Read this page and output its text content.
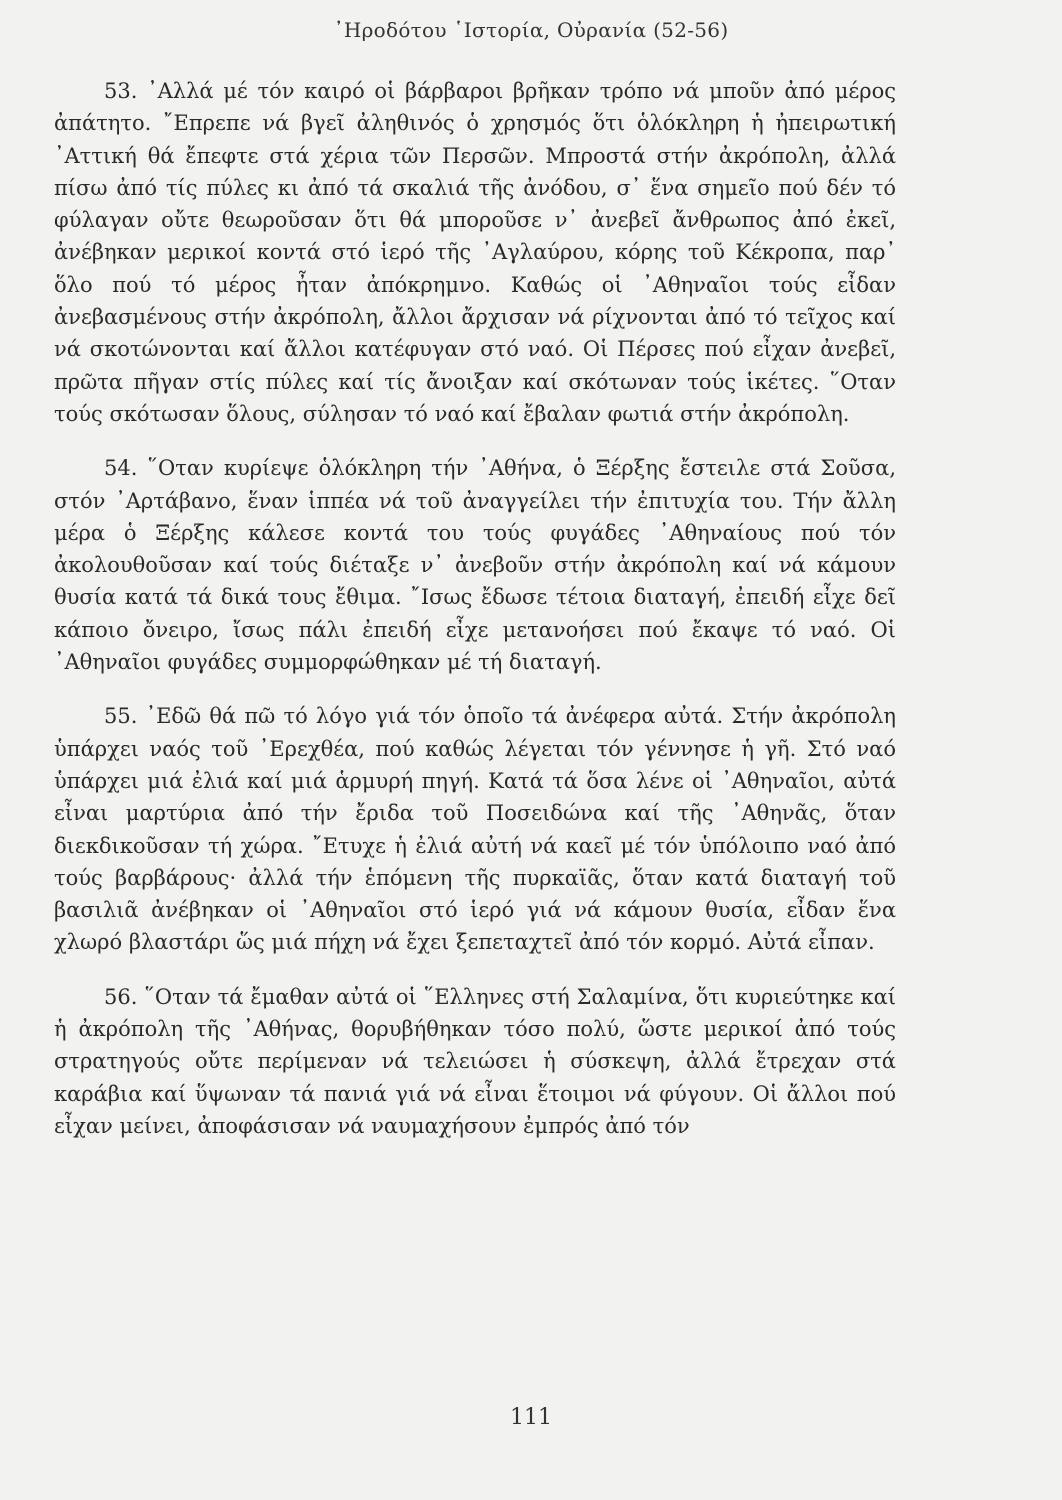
᾿Ηροδότου ῾Ιστορία, Οὐρανία (52-56)

53. ᾿Αλλά μέ τόν καιρό οἱ βάρβαροι βρῆκαν τρόπο νά μποῦν ἀπό μέρος ἀπάτητο. ῎Επρεπε νά βγεῖ ἀληθινός ὁ χρησμός ὅτι ὁλόκληρη ἡ ἠπειρωτική ᾿Αττική θά ἔπεφτε στά χέρια τῶν Περσῶν. Μπροστά στήν ἀκρόπολη, ἀλλά πίσω ἀπό τίς πύλες κι ἀπό τά σκαλιά τῆς ἀνόδου, σ᾿ ἕνα σημεῖο πού δέν τό φύλαγαν οὔτε θεωροῦσαν ὅτι θά μποροῦσε ν᾿ ἀνεβεῖ ἄνθρωπος ἀπό ἐκεῖ, ἀνέβηκαν μερικοί κοντά στό ἱερό τῆς ᾿Αγλαύρου, κόρης τοῦ Κέκροπα, παρ᾿ ὅλο πού τό μέρος ἦταν ἀπόκρημνο. Καθώς οἱ ᾿Αθηναῖοι τούς εἶδαν ἀνεβασμένους στήν ἀκρόπολη, ἄλλοι ἄρχισαν νά ρίχνονται ἀπό τό τεῖχος καί νά σκοτώνονται καί ἄλλοι κατέφυγαν στό ναό. Οἱ Πέρσες πού εἶχαν ἀνεβεῖ, πρῶτα πῆγαν στίς πύλες καί τίς ἄνοιξαν καί σκότωναν τούς ἱκέτες. ῞Οταν τούς σκότωσαν ὅλους, σύλησαν τό ναό καί ἔβαλαν φωτιά στήν ἀκρόπολη.

54. ῞Οταν κυρίεψε ὁλόκληρη τήν ᾿Αθήνα, ὁ Ξέρξης ἔστειλε στά Σοῦσα, στόν ᾿Αρτάβανο, ἕναν ἱππέα νά τοῦ ἀναγγείλει τήν ἐπιτυχία του. Τήν ἄλλη μέρα ὁ Ξέρξης κάλεσε κοντά του τούς φυγάδες ᾿Αθηναίους πού τόν ἀκολουθοῦσαν καί τούς διέταξε ν᾿ ἀνεβοῦν στήν ἀκρόπολη καί νά κάμουν θυσία κατά τά δικά τους ἔθιμα. ῎Ισως ἔδωσε τέτοια διαταγή, ἐπειδή εἶχε δεῖ κάποιο ὄνειρο, ἴσως πάλι ἐπειδή εἶχε μετανοήσει πού ἔκαψε τό ναό. Οἱ ᾿Αθηναῖοι φυγάδες συμμορφώθηκαν μέ τή διαταγή.

55. ᾿Εδῶ θά πῶ τό λόγο γιά τόν ὁποῖο τά ἀνέφερα αὐτά. Στήν ἀκρόπολη ὑπάρχει ναός τοῦ ᾿Ερεχθέα, πού καθώς λέγεται τόν γέννησε ἡ γῆ. Στό ναό ὑπάρχει μιά ἐλιά καί μιά ἁρμυρή πηγή. Κατά τά ὅσα λένε οἱ ᾿Αθηναῖοι, αὐτά εἶναι μαρτύρια ἀπό τήν ἔριδα τοῦ Ποσειδώνα καί τῆς ᾿Αθηνᾶς, ὅταν διεκδικοῦσαν τή χώρα. ῎Ετυχε ἡ ἐλιά αὐτή νά καεῖ μέ τόν ὑπόλοιπο ναό ἀπό τούς βαρβάρους· ἀλλά τήν ἑπόμενη τῆς πυρκαϊᾶς, ὅταν κατά διαταγή τοῦ βασιλιᾶ ἀνέβηκαν οἱ ᾿Αθηναῖοι στό ἱερό γιά νά κάμουν θυσία, εἶδαν ἕνα χλωρό βλαστάρι ὥς μιά πήχη νά ἔχει ξεπεταχτεῖ ἀπό τόν κορμό. Αὐτά εἶπαν.

56. ῞Οταν τά ἔμαθαν αὐτά οἱ ῞Ελληνες στή Σαλαμίνα, ὅτι κυριεύτηκε καί ἡ ἀκρόπολη τῆς ᾿Αθήνας, θορυβήθηκαν τόσο πολύ, ὥστε μερικοί ἀπό τούς στρατηγούς οὔτε περίμεναν νά τελειώσει ἡ σύσκεψη, ἀλλά ἔτρεχαν στά καράβια καί ὕψωναν τά πανιά γιά νά εἶναι ἕτοιμοι νά φύγουν. Οἱ ἄλλοι πού εἶχαν μείνει, ἀποφάσισαν νά ναυμαχήσουν ἐμπρός ἀπό τόν

111
